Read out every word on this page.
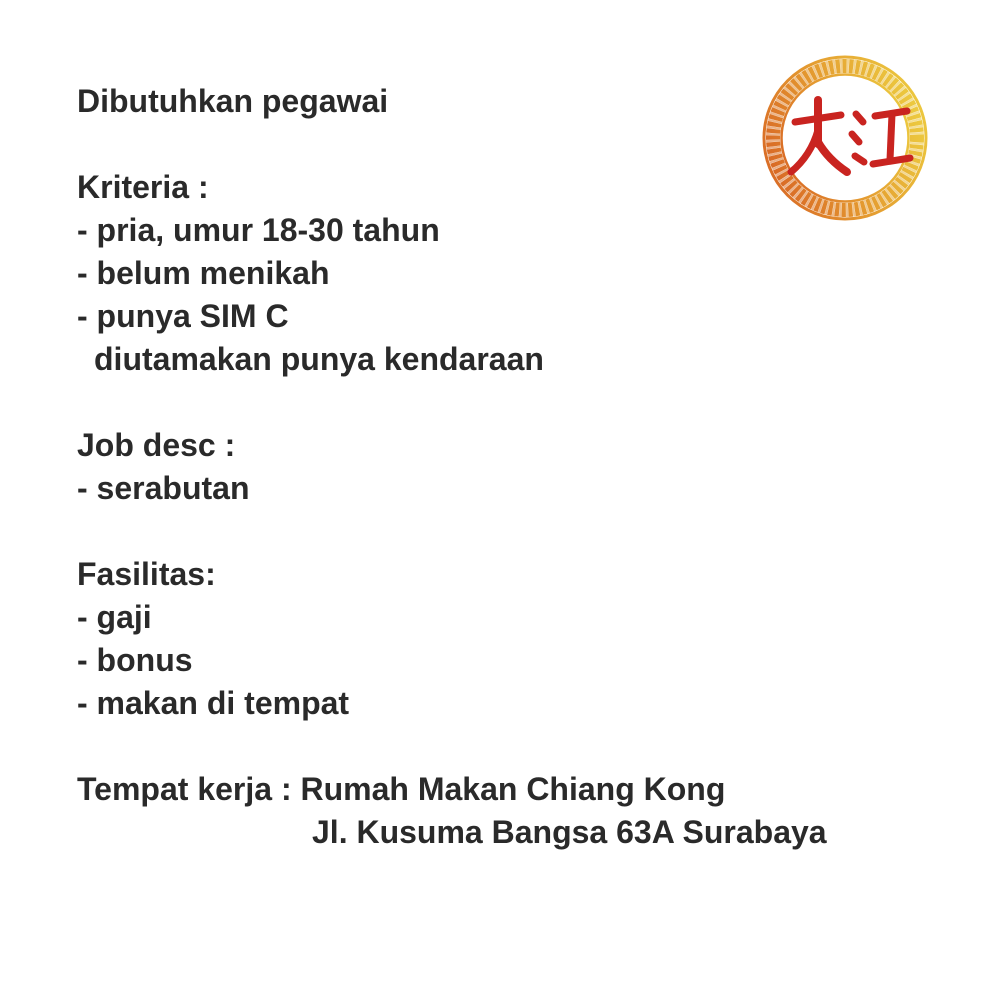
Dibutuhkan pegawai
Kriteria :
- pria, umur 18-30 tahun
- belum menikah
- punya SIM C
diutamakan punya kendaraan
Job desc :
- serabutan
Fasilitas:
- gaji
- bonus
- makan di tempat
Tempat kerja : Rumah Makan Chiang Kong
Jl. Kusuma Bangsa 63A Surabaya
